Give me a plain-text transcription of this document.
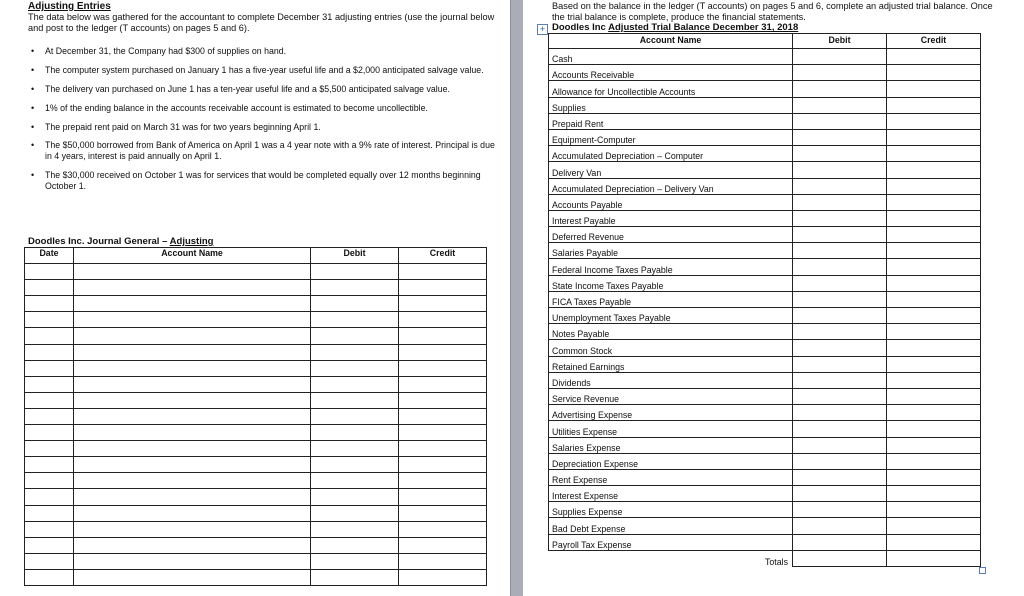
Adjusting Entries
The data below was gathered for the accountant to complete December 31 adjusting entries (use the journal below and post to the ledger (T accounts) on pages 5 and 6).
• At December 31, the Company had $300 of supplies on hand.
• The computer system purchased on January 1 has a five-year useful life and a $2,000 anticipated salvage value.
• The delivery van purchased on June 1 has a ten-year useful life and a $5,500 anticipated salvage value.
• 1% of the ending balance in the accounts receivable account is estimated to become uncollectible.
• The prepaid rent paid on March 31 was for two years beginning April 1.
• The $50,000 borrowed from Bank of America on April 1 was a 4 year note with a 9% rate of interest. Principal is due in 4 years, interest is paid annually on April 1.
• The $30,000 received on October 1 was for services that would be completed equally over 12 months beginning October 1.
Doodles Inc. Journal General – Adjusting
Date	Account Name	Debit	Credit

Based on the balance in the ledger (T accounts) on pages 5 and 6, complete an adjusted trial balance. Once the trial balance is complete, produce the financial statements.
+ Doodles Inc Adjusted Trial Balance December 31, 2018
Account Name	Debit	Credit
Cash		
Accounts Receivable		
Allowance for Uncollectible Accounts		
Supplies		
Prepaid Rent		
Equipment-Computer		
Accumulated Depreciation – Computer		
Delivery Van		
Accumulated Depreciation – Delivery Van		
Accounts Payable		
Interest Payable		
Deferred Revenue		
Salaries Payable		
Federal Income Taxes Payable		
State Income Taxes Payable		
FICA Taxes Payable		
Unemployment Taxes Payable		
Notes Payable		
Common Stock		
Retained Earnings		
Dividends		
Service Revenue		
Advertising Expense		
Utilities Expense		
Salaries Expense		
Depreciation Expense		
Rent Expense		
Interest Expense		
Supplies Expense		
Bad Debt Expense		
Payroll Tax Expense		
Totals		
